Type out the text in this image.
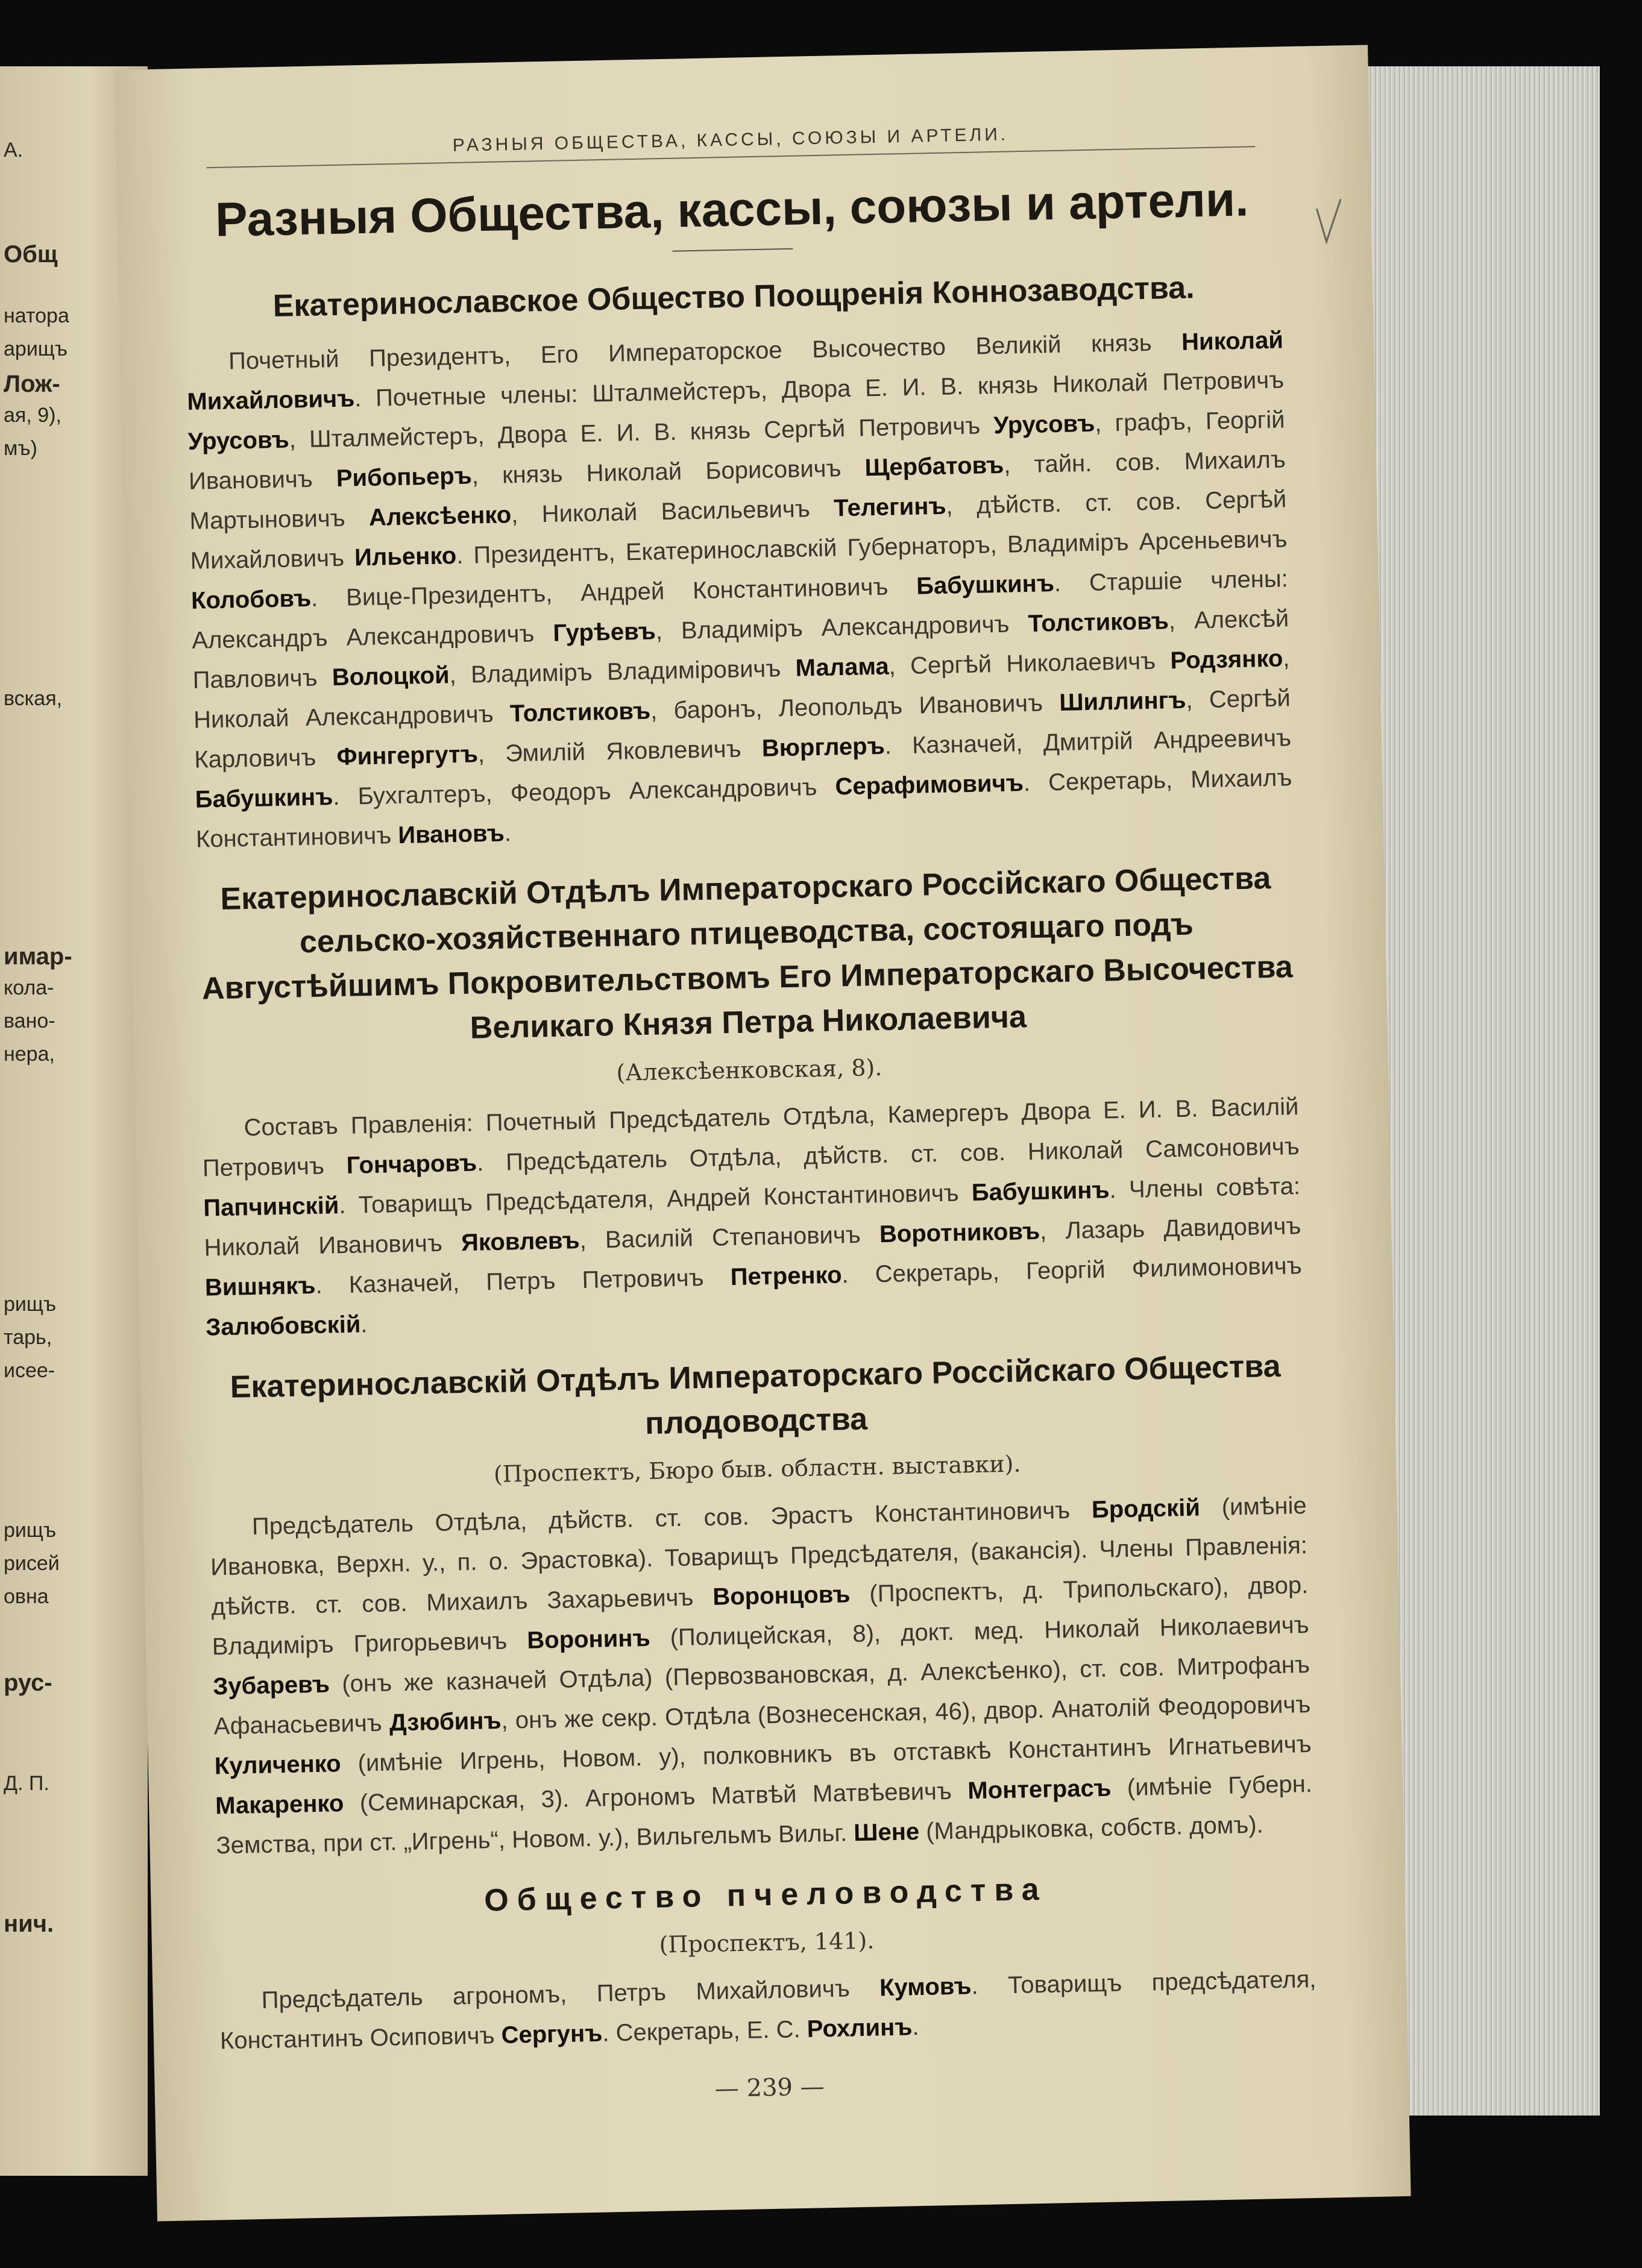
А.
Общ
натора
арищъ
Лож-
ая, 9),
мъ)
вская,
имар-
кола-
вано-
нера,
рищъ
тарь,
исее-
рищъ
рисей
овна
рус-
Д. П.
нич.
РАЗНЫЯ ОБЩЕСТВА, КАССЫ, СОЮЗЫ И АРТЕЛИ.
Разныя Общества, кассы, союзы и артели.
Екатеринославское Общество Поощренія Коннозаводства.

Почетный Президентъ, Его Императорское Высочество Великій князь Николай Михайловичъ. Почетные члены: Шталмейстеръ, Двора Е. И. В. князь Николай Петровичъ Урусовъ, Шталмейстеръ, Двора Е. И. В. князь Сергѣй Петровичъ Урусовъ, графъ, Георгій Ивановичъ Рибопьеръ, князь Николай Борисовичъ Щербатовъ, тайн. сов. Михаилъ Мартыновичъ Алексѣенко, Николай Васильевичъ Телегинъ, дѣйств. ст. сов. Сергѣй Михайловичъ Ильенко. Президентъ, Екатеринославскій Губернаторъ, Владиміръ Арсеньевичъ Колобовъ. Вице-Президентъ, Андрей Константиновичъ Бабушкинъ. Старшіе члены: Александръ Александровичъ Гурѣевъ, Владиміръ Александровичъ Толстиковъ, Алексѣй Павловичъ Волоцкой, Владиміръ Владиміровичъ Малама, Сергѣй Николаевичъ Родзянко, Николай Александровичъ Толстиковъ, баронъ, Леопольдъ Ивановичъ Шиллингъ, Сергѣй Карловичъ Фингергутъ, Эмилій Яковлевичъ Вюрглеръ. Казначей, Дмитрій Андреевичъ Бабушкинъ. Бухгалтеръ, Феодоръ Александровичъ Серафимовичъ. Секретарь, Михаилъ Константиновичъ Ивановъ.

Екатеринославскій Отдѣлъ Императорскаго Россійскаго Общества сельско-хозяйственнаго птицеводства, состоящаго подъ Августѣйшимъ Покровительствомъ Его Императорскаго Высочества Великаго Князя Петра Николаевича
(Алексѣенковская, 8).

Составъ Правленія: Почетный Предсѣдатель Отдѣла, Камергеръ Двора Е. И. В. Василій Петровичъ Гончаровъ. Предсѣдатель Отдѣла, дѣйств. ст. сов. Николай Самсоновичъ Папчинскій. Товарищъ Предсѣдателя, Андрей Константиновичъ Бабушкинъ. Члены совѣта: Николай Ивановичъ Яковлевъ, Василій Степановичъ Воротниковъ, Лазарь Давидовичъ Вишнякъ. Казначей, Петръ Петровичъ Петренко. Секретарь, Георгій Филимоновичъ Залюбовскій.

Екатеринославскій Отдѣлъ Императорскаго Россійскаго Общества плодоводства
(Проспектъ, Бюро быв. областн. выставки).

Предсѣдатель Отдѣла, дѣйств. ст. сов. Эрастъ Константиновичъ Бродскій (имѣніе Ивановка, Верхн. у., п. о. Эрастовка). Товарищъ Предсѣдателя, (вакансія). Члены Правленія: дѣйств. ст. сов. Михаилъ Захарьевичъ Воронцовъ (Проспектъ, д. Трипольскаго), двор. Владиміръ Григорьевичъ Воронинъ (Полицейская, 8), докт. мед. Николай Николаевичъ Зубаревъ (онъ же казначей Отдѣла) (Первозвановская, д. Алексѣенко), ст. сов. Митрофанъ Афанасьевичъ Дзюбинъ, онъ же секр. Отдѣла (Вознесенская, 46), двор. Анатолій Феодоровичъ Куличенко (имѣніе Игрень, Новом. у), полковникъ въ отставкѣ Константинъ Игнатьевичъ Макаренко (Семинарская, 3). Агрономъ Матвѣй Матвѣевичъ Монтеграсъ (имѣніе Губерн. Земства, при ст. „Игрень“, Новом. у.), Вильгельмъ Вильг. Шене (Мандрыковка, собств. домъ).

Общество пчеловодства
(Проспектъ, 141).

Предсѣдатель агрономъ, Петръ Михайловичъ Кумовъ. Товарищъ предсѣдателя, Константинъ Осиповичъ Сергунъ. Секретарь, Е. С. Рохлинъ.

— 239 —
